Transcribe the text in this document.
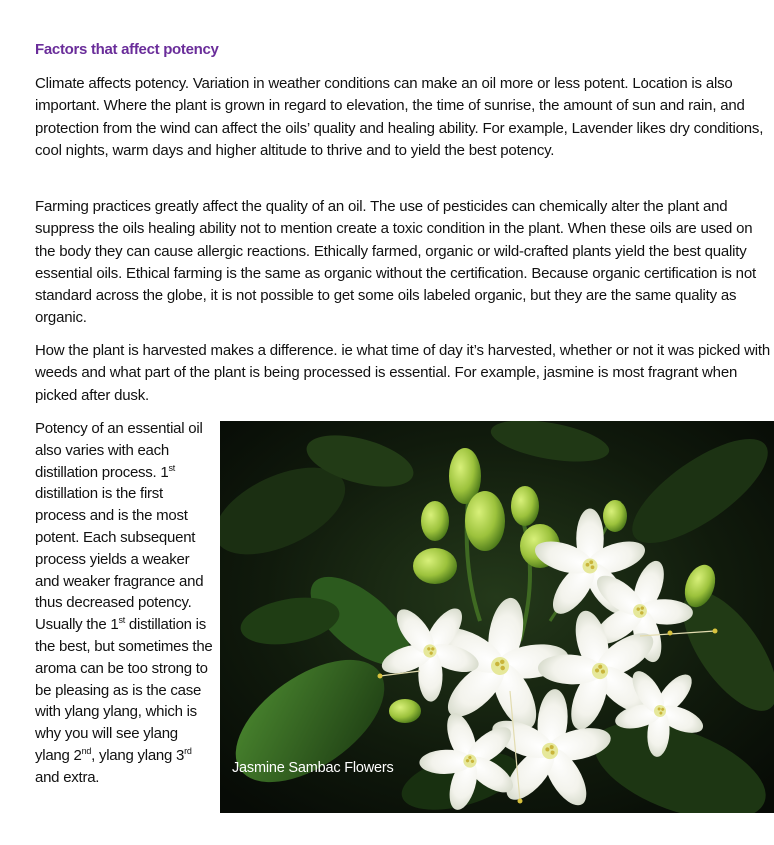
Factors that affect potency

Climate affects potency. Variation in weather conditions can make an oil more or less potent. Location is also important. Where the plant is grown in regard to elevation, the time of sunrise, the amount of sun and rain, and protection from the wind can affect the oils’ quality and healing ability. For example, Lavender likes dry conditions, cool nights, warm days and higher altitude to thrive and to yield the best potency.

Farming practices greatly affect the quality of an oil. The use of pesticides can chemically alter the plant and suppress the oils healing ability not to mention create a toxic condition in the plant. When these oils are used on the body they can cause allergic reactions. Ethically farmed, organic or wild-crafted plants yield the best quality essential oils. Ethical farming is the same as organic without the certification. Because organic certification is not standard across the globe, it is not possible to get some oils labeled organic, but they are the same quality as organic.

How the plant is harvested makes a difference. ie what time of day it’s harvested, whether or not it was picked with weeds and what part of the plant is being processed is essential. For example, jasmine is most fragrant when picked after dusk.

Potency of an essential oil also varies with each distillation process. 1st distillation is the first process and is the most potent. Each subsequent process yields a weaker and weaker fragrance and thus decreased potency. Usually the 1st distillation is the best, but sometimes the aroma can be too strong to be pleasing as is the case with ylang ylang, which is why you will see ylang ylang 2nd, ylang ylang 3rd and extra.

Jasmine Sambac Flowers
